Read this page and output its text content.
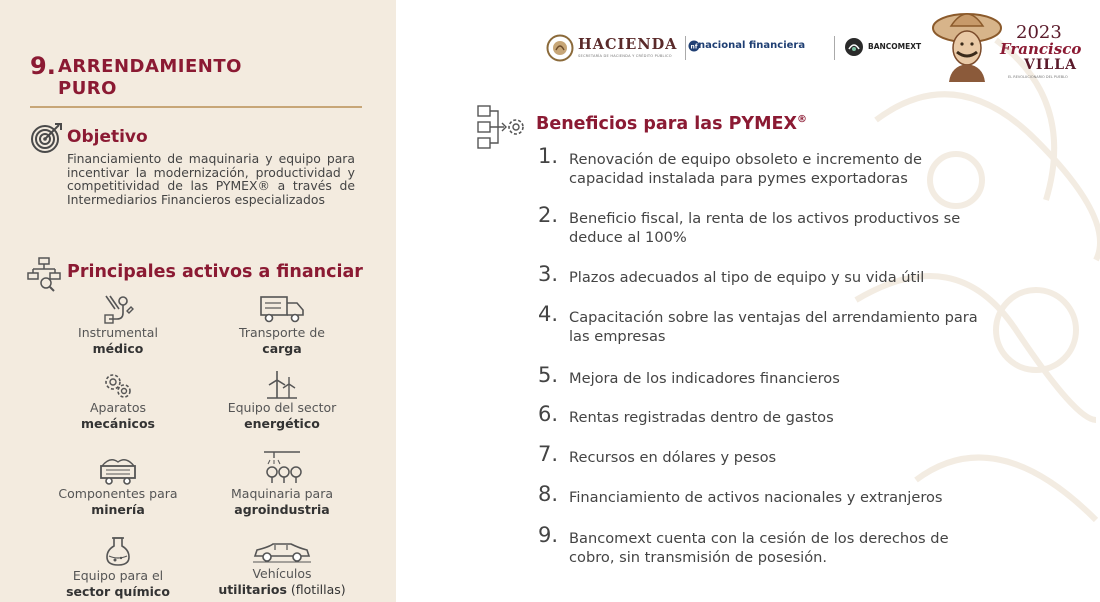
9. ARRENDAMIENTO
PURO
Objetivo
Financiamiento de maquinaria y equipo para incentivar la modernización, productividad y competitividad de las PYMEX® a través de Intermediarios Financieros especializados
Principales activos a financiar
Instrumental
médico
Transporte de
carga
Aparatos
mecánicos
Equipo del sector
energético
Componentes para
minería
Maquinaria para
agroindustria
Equipo para el
sector químico
Vehículos
utilitarios (flotillas)
HACIENDA
SECRETARÍA DE HACIENDA Y CRÉDITO PÚBLICO
nf nacional financiera	BANCOMEXT
2023
Francisco
VILLA
EL REVOLUCIONARIO DEL PUEBLO
Beneficios para las PYMEX®
1. Renovación de equipo obsoleto e incremento de capacidad instalada para pymes exportadoras
2. Beneficio fiscal, la renta de los activos productivos se deduce al 100%
3. Plazos adecuados al tipo de equipo y su vida útil
4. Capacitación sobre las ventajas del arrendamiento para las empresas
5. Mejora de los indicadores financieros
6. Rentas registradas dentro de gastos
7. Recursos en dólares y pesos
8. Financiamiento de activos nacionales y extranjeros
9. Bancomext cuenta con la cesión de los derechos de cobro, sin transmisión de posesión.
